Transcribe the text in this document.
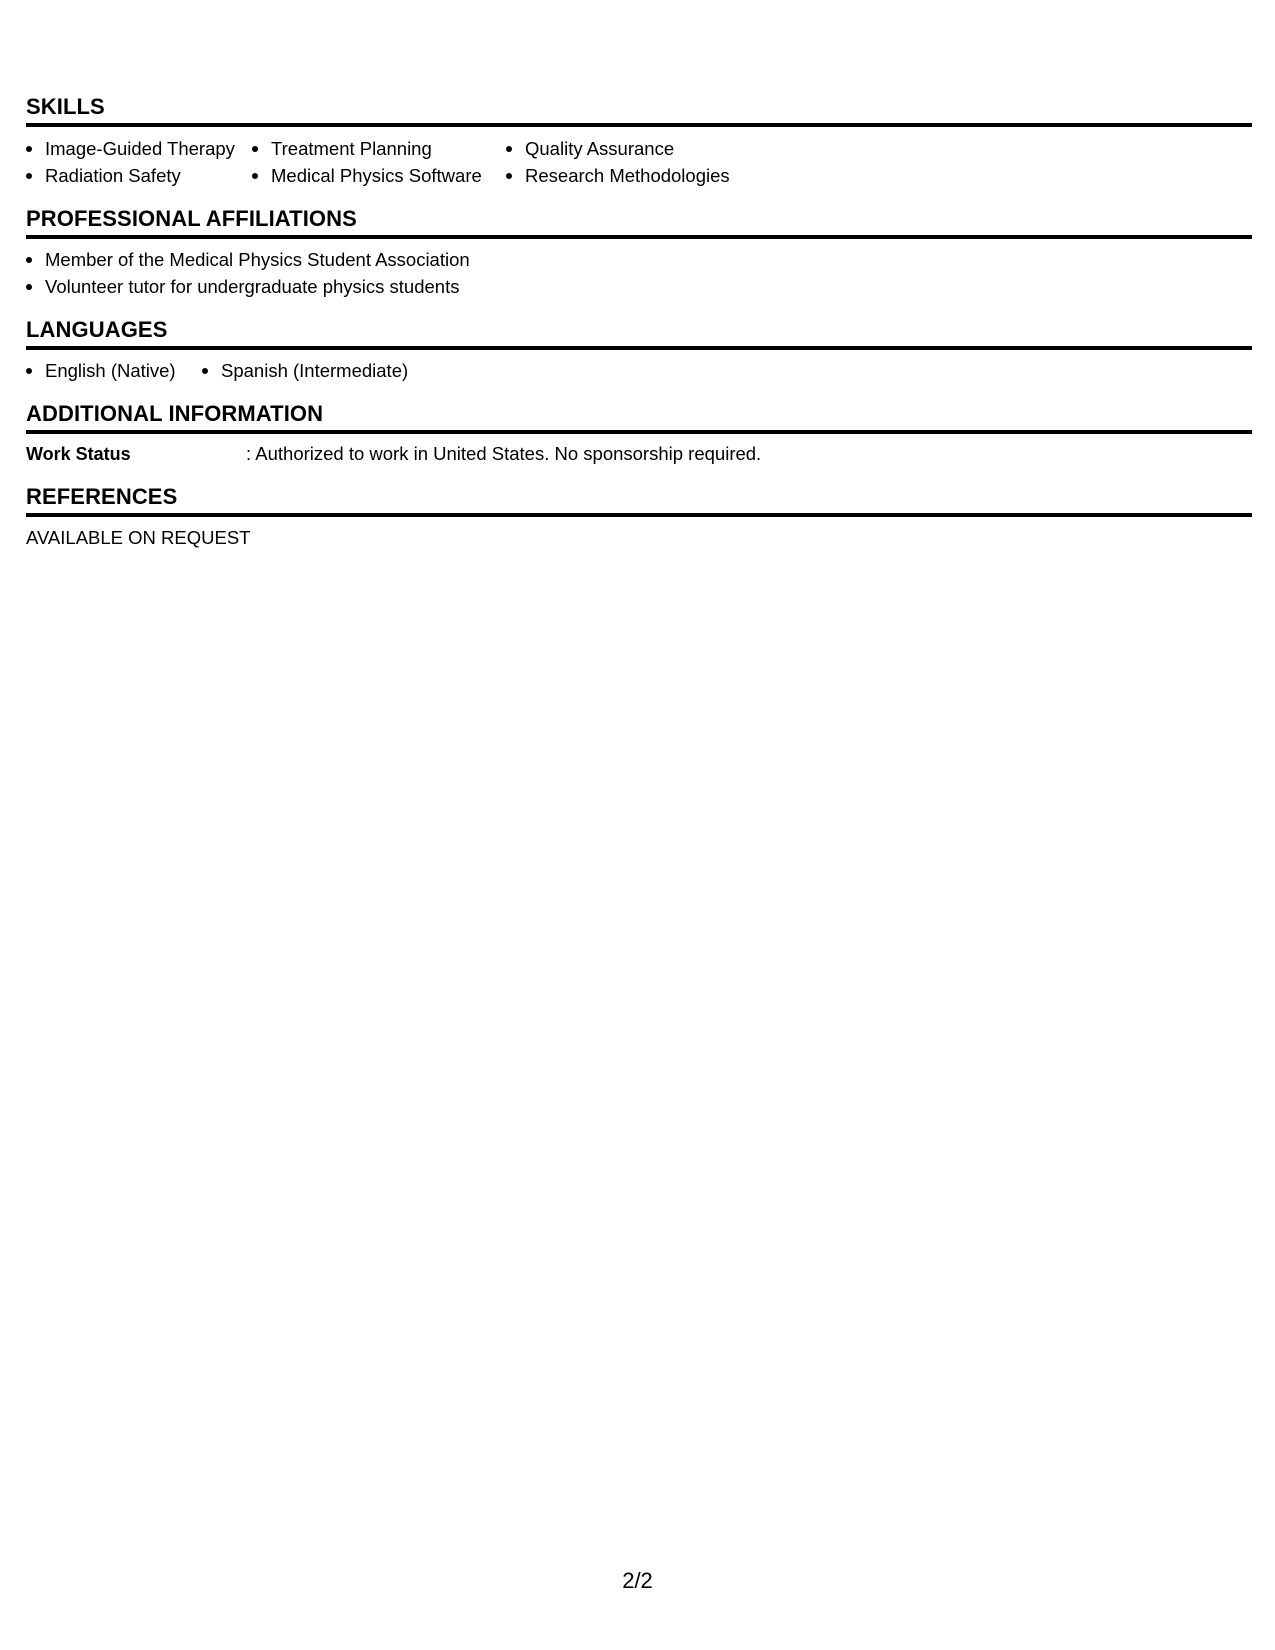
SKILLS
Image-Guided Therapy
Radiation Safety
Treatment Planning
Medical Physics Software
Quality Assurance
Research Methodologies
PROFESSIONAL AFFILIATIONS
Member of the Medical Physics Student Association
Volunteer tutor for undergraduate physics students
LANGUAGES
English (Native)	Spanish (Intermediate)
ADDITIONAL INFORMATION
Work Status	: Authorized to work in United States. No sponsorship required.
REFERENCES
AVAILABLE ON REQUEST
2/2
